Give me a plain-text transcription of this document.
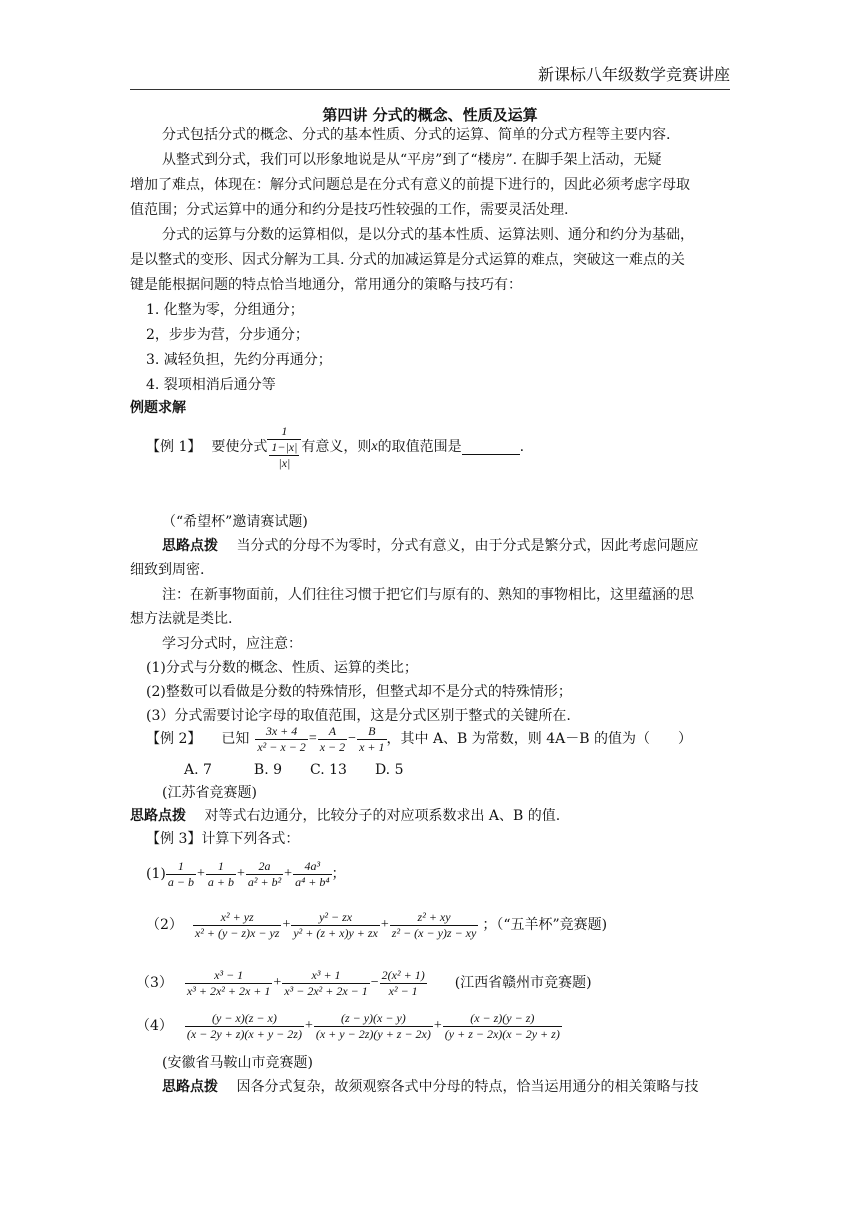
新课标八年级数学竞赛讲座
第四讲 分式的概念、性质及运算
分式包括分式的概念、分式的基本性质、分式的运算、简单的分式方程等主要内容.
从整式到分式，我们可以形象地说是从“平房”到了“楼房”. 在脚手架上活动，无疑
增加了难点，体现在：解分式问题总是在分式有意义的前提下进行的，因此必须考虑字母取
值范围；分式运算中的通分和约分是技巧性较强的工作，需要灵活处理.
分式的运算与分数的运算相似，是以分式的基本性质、运算法则、通分和约分为基础，
是以整式的变形、因式分解为工具. 分式的加减运算是分式运算的难点，突破这一难点的关
键是能根据问题的特点恰当地通分，常用通分的策略与技巧有：
1. 化整为零，分组通分；
2，步步为营，分步通分；
3. 减轻负担，先约分再通分；
4. 裂项相消后通分等
例题求解
【例 1】 要使分式 $\frac{1}{\frac{1-|x|}{|x|}}$ 有意义，则 x 的取值范围是	.
（“希望杯”邀请赛试题)
思路点拨 当分式的分母不为零时，分式有意义，由于分式是繁分式，因此考虑问题应
细致到周密.
注：在新事物面前，人们往往习惯于把它们与原有的、熟知的事物相比，这里蕴涵的思
想方法就是类比.
学习分式时，应注意：
(1)分式与分数的概念、性质、运算的类比；
(2)整数可以看做是分数的特殊情形，但整式却不是分式的特殊情形；
(3）分式需要讨论字母的取值范围，这是分式区别于整式的关键所在.
【例 2】 已知 $\frac{3x + 4}{\text{x² − x − 2}} = \frac{A}{x - 2} - \frac{B}{x + 1}$ ，其中 A、B 为常数，则 4A－B 的值为（　　）
A. 7　　　B. 9　　C. 13　　D. 5
(江苏省竞赛题)
思路点拨 对等式右边通分，比较分子的对应项系数求出 A、B 的值.
【例 3】计算下列各式：
$(1) \frac{1}{a - b} + \frac{1}{a + b} + \frac{2a}{\text{a² + b²}} + \frac{\text{4a³}}{\text{a⁴ + b⁴}}$ ；
$(2) \frac{\text{x² + yz}}{\text{x² + (y − z)x − yz}} + \frac{\text{y² − zx}}{\text{y² + (z + x)y + zx}} + \frac{\text{z² + xy}}{\text{z² − (x − y)z − xy}}$ ；（“五羊杯”竞赛题)
$(3) \frac{\text{x³ − 1}}{\text{x³ + 2x² + 2x + 1}} + \frac{\text{x³ + 1}}{\text{x³ − 2x² + 2x − 1}} - \frac{\text{2(x² + 1)}}{\text{x² − 1}}$ (江西省赣州市竞赛题)
$(4) \frac{(y - x)(z - x)}{(x - 2y + z)(x + y - 2z)} + \frac{(z - y)(x - y)}{(x + y - 2z)(y + z - 2x)} + \frac{(x - z)(y - z)}{(y + z - 2x)(x - 2y + z)}$
(安徽省马鞍山市竞赛题)
思路点拨 因各分式复杂，故须观察各式中分母的特点，恰当运用通分的相关策略与技
